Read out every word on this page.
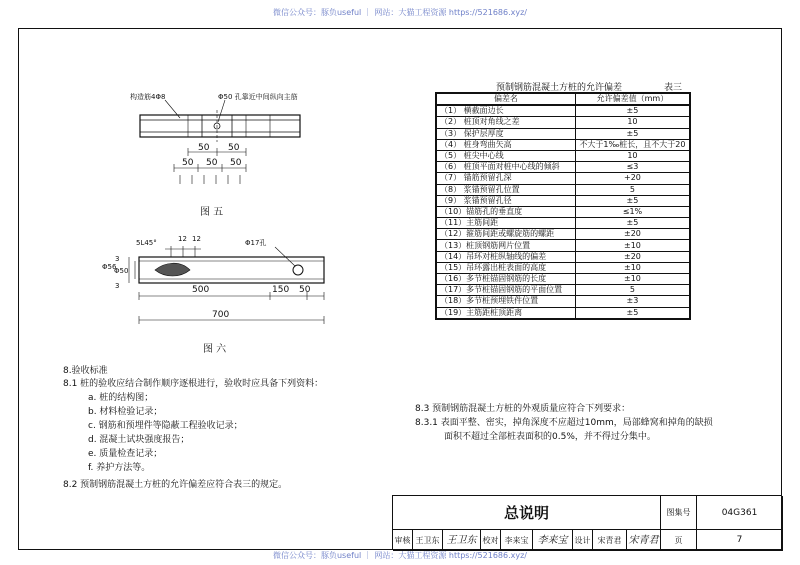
微信公众号：豚负useful ｜ 网站：大猫工程资源 https://521686.xyz/
构造筋4Φ8	Φ50 孔靠近中间纵向主筋
50 50
50 50 50
图 五
5L45°	12 12	Φ17孔
Φ56
Φ50
3
3	500	150 50
700
图 六
8.验收标准
8.1 桩的验收应结合制作顺序逐根进行，验收时应具备下列资料：
a. 桩的结构图；
b. 材料检验记录；
c. 钢筋和预埋件等隐蔽工程验收记录；
d. 混凝土试块强度报告；
e. 质量检查记录；
f. 养护方法等。
8.2 预制钢筋混凝土方桩的允许偏差应符合表三的规定。
8.3 预制钢筋混凝土方桩的外观质量应符合下列要求：
8.3.1 表面平整、密实，掉角深度不应超过10mm，局部蜂窝和掉角的缺损
面积不超过全部桩表面积的0.5%，并不得过分集中。
预制钢筋混凝土方桩的允许偏差	表三
偏差名	允许偏差值（mm）
（1） 横截面边长	±5
（2） 桩顶对角线之差	10
（3） 保护层厚度	±5
（4） 桩身弯曲矢高	不大于1‰桩长，且不大于20
（5） 桩尖中心线	10
（6） 桩顶平面对桩中心线的倾斜	≤3
（7） 锚筋预留孔深	+20
（8） 浆锚预留孔位置	5
（9） 浆锚预留孔径	±5
（10）锚筋孔的垂直度	≤1%
（11）主筋间距	±5
（12）箍筋间距或螺旋筋的螺距	±20
（13）桩顶钢筋网片位置	±10
（14）吊环对桩纵轴线的偏差	±20
（15）吊环露出桩表面的高度	±10
（16）多节桩锚固钢筋的长度	±10
（17）多节桩锚固钢筋的平面位置	5
（18）多节桩预埋铁件位置	±3
（19）主筋距桩顶距离	±5
总说明	图集号	04G361
审核 王卫东 王卫东 校对 李来宝 李来宝 设计 宋青君 宋青君	页	7
微信公众号：豚负useful ｜ 网站：大猫工程资源 https://521686.xyz/
